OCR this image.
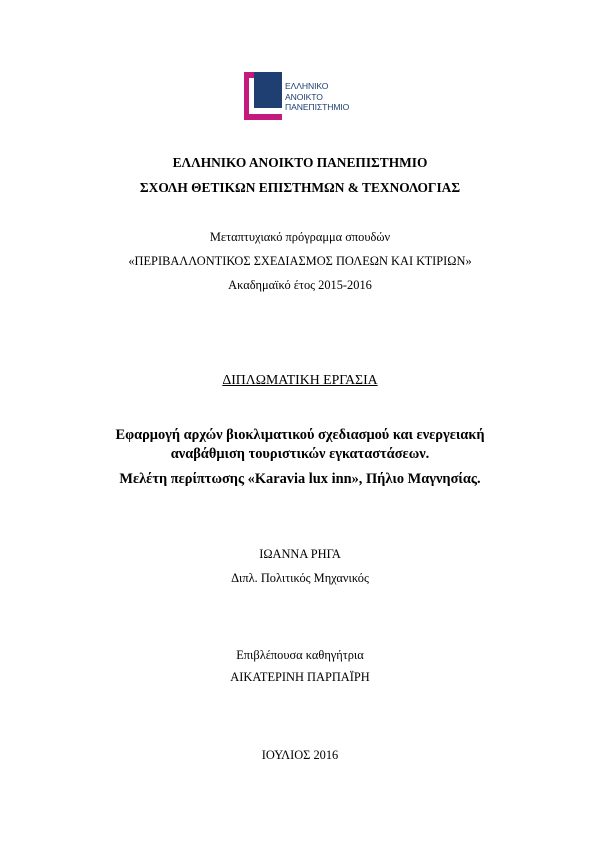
ΕΛΛΗΝΙΚΟ
ΑΝΟΙΚΤΟ
ΠΑΝΕΠΙΣΤΗΜΙΟ
ΕΛΛΗΝΙΚΟ ΑΝΟΙΚΤΟ ΠΑΝΕΠΙΣΤΗΜΙΟ
ΣΧΟΛΗ ΘΕΤΙΚΩΝ ΕΠΙΣΤΗΜΩΝ & ΤΕΧΝΟΛΟΓΙΑΣ
Μεταπτυχιακό πρόγραμμα σπουδών
«ΠΕΡΙΒΑΛΛΟΝΤΙΚΟΣ ΣΧΕΔΙΑΣΜΟΣ ΠΟΛΕΩΝ ΚΑΙ ΚΤΙΡΙΩΝ»
Ακαδημαϊκό έτος 2015-2016
ΔΙΠΛΩΜΑΤΙΚΗ ΕΡΓΑΣΙΑ
Εφαρμογή αρχών βιοκλιματικού σχεδιασμού και ενεργειακή
αναβάθμιση τουριστικών εγκαταστάσεων.
Μελέτη περίπτωσης «Karavia lux inn», Πήλιο Μαγνησίας.
ΙΩΑΝΝΑ ΡΗΓΑ
Διπλ. Πολιτικός Μηχανικός
Επιβλέπουσα καθηγήτρια
ΑΙΚΑΤΕΡΙΝΗ ΠΑΡΠΑΪΡΗ
ΙΟΥΛΙΟΣ 2016
